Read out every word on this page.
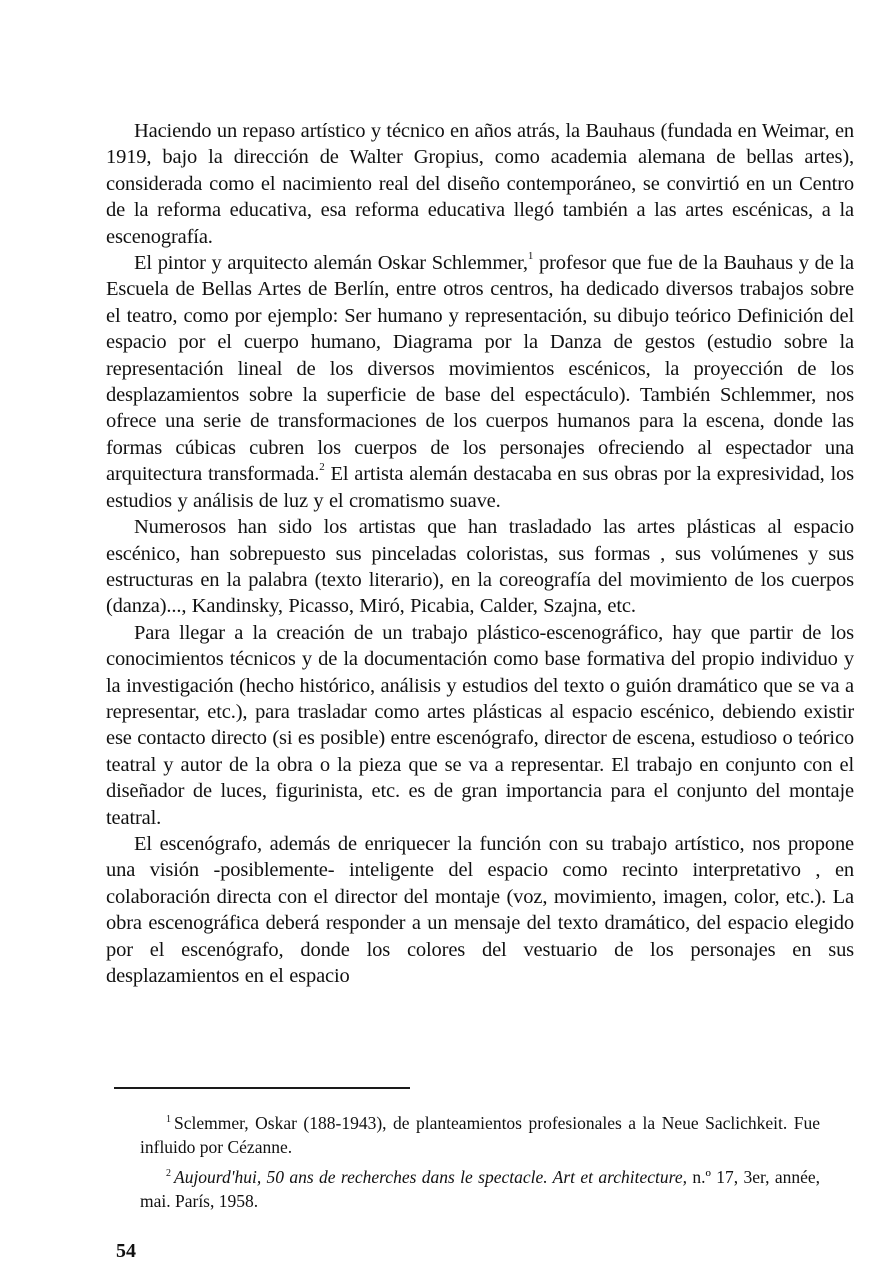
Haciendo un repaso artístico y técnico en años atrás, la Bauhaus (fundada en Weimar, en 1919, bajo la dirección de Walter Gropius, como academia alemana de bellas artes), considerada como el nacimiento real del diseño contemporáneo, se convirtió en un Centro de la reforma educativa, esa reforma educativa llegó también a las artes escénicas, a la escenografía.

El pintor y arquitecto alemán Oskar Schlemmer,$^1$ profesor que fue de la Bauhaus y de la Escuela de Bellas Artes de Berlín, entre otros centros, ha dedicado diversos trabajos sobre el teatro, como por ejemplo: Ser humano y representación, su dibujo teórico Definición del espacio por el cuerpo humano, Diagrama por la Danza de gestos (estudio sobre la representación lineal de los diversos movimientos escénicos, la proyección de los desplazamientos sobre la superficie de base del espectáculo). También Schlemmer, nos ofrece una serie de transformaciones de los cuerpos humanos para la escena, donde las formas cúbicas cubren los cuerpos de los personajes ofreciendo al espectador una arquitectura transformada.$^2$ El artista alemán destacaba en sus obras por la expresividad, los estudios y análisis de luz y el cromatismo suave.

Numerosos han sido los artistas que han trasladado las artes plásticas al espacio escénico, han sobrepuesto sus pinceladas coloristas, sus formas , sus volúmenes y sus estructuras en la palabra (texto literario), en la coreografía del movimiento de los cuerpos (danza)..., Kandinsky, Picasso, Miró, Picabia, Calder, Szajna, etc.

Para llegar a la creación de un trabajo plástico-escenográfico, hay que partir de los conocimientos técnicos y de la documentación como base formativa del propio individuo y la investigación (hecho histórico, análisis y estudios del texto o guión dramático que se va a representar, etc.), para trasladar como artes plásticas al espacio escénico, debiendo existir ese contacto directo (si es posible) entre escenógrafo, director de escena, estudioso o teórico teatral y autor de la obra o la pieza que se va a representar. El trabajo en conjunto con el diseñador de luces, figurinista, etc. es de gran importancia para el conjunto del montaje teatral.

El escenógrafo, además de enriquecer la función con su trabajo artístico, nos propone una visión -posiblemente- inteligente del espacio como recinto interpretativo , en colaboración directa con el director del montaje (voz, movimiento, imagen, color, etc.). La obra escenográfica deberá responder a un mensaje del texto dramático, del espacio elegido por el escenógrafo, donde los colores del vestuario de los personajes en sus desplazamientos en el espacio

$^1$ Sclemmer, Oskar (188-1943), de planteamientos profesionales a la Neue Saclichkeit. Fue influido por Cézanne.

$^2$ Aujourd'hui, 50 ans de recherches dans le spectacle. Art et architecture, n.º 17, 3er, année, mai. París, 1958.

54
